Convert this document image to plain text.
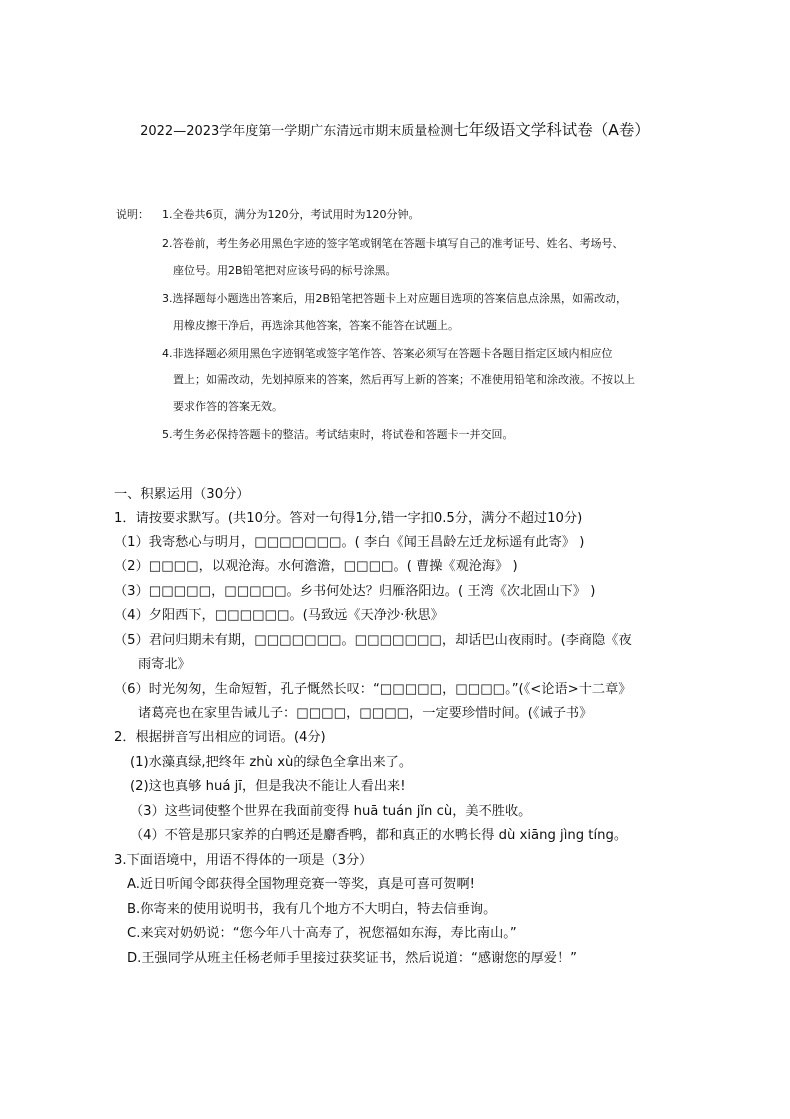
2022—2023学年度第一学期广东清远市期末质量检测七年级语文学科试卷（A卷）
说明： 1.全卷共6页，满分为120分，考试用时为120分钟。
2.答卷前，考生务必用黑色字迹的签字笔或钢笔在答题卡填写自己的准考证号、姓名、考场号、
座位号。用2B铅笔把对应该号码的标号涂黑。
3.选择题每小题选出答案后，用2B铅笔把答题卡上对应题目选项的答案信息点涂黑，如需改动，
用橡皮擦干净后，再选涂其他答案，答案不能答在试题上。
4.非选择题必须用黑色字迹钢笔或签字笔作答、答案必须写在答题卡各题目指定区域内相应位
置上；如需改动，先划掉原来的答案，然后再写上新的答案；不准使用铅笔和涂改液。不按以上
要求作答的答案无效。
5.考生务必保持答题卡的整洁。考试结束时，将试卷和答题卡一并交回。
一、积累运用（30分）
1．请按要求默写。(共10分。答对一句得1分,错一字扣0.5分，满分不超过10分)
（1）我寄愁心与明月，□□□□□□□。( 李白《闻王昌龄左迁龙标遥有此寄》 )
（2）□□□□，以观沧海。水何澹澹，□□□□。( 曹操《观沧海》 )
（3）□□□□□，□□□□□。乡书何处达？归雁洛阳边。( 王湾《次北固山下》 )
（4）夕阳西下，□□□□□□。(马致远《天净沙·秋思》
（5）君问归期未有期，□□□□□□□。□□□□□□□，却话巴山夜雨时。(李商隐《夜
雨寄北》
（6）时光匆匆，生命短暂，孔子慨然长叹：“□□□□□，□□□□。”(《<论语>十二章》
诸葛亮也在家里告诫儿子：□□□□，□□□□，一定要珍惜时间。(《诫子书》
2．根据拼音写出相应的词语。(4分)
(1)水藻真绿,把终年 zhù xù的绿色全拿出来了。
(2)这也真够 huá jī，但是我决不能让人看出来!
（3）这些词使整个世界在我面前变得 huā tuán jǐn cù，美不胜收。
（4）不管是那只家养的白鸭还是麝香鸭，都和真正的水鸭长得 dù xiāng jìng tíng。
3.下面语境中，用语不得体的一项是（3分）
A.近日听闻令郎获得全国物理竞赛一等奖，真是可喜可贺啊!
B.你寄来的使用说明书，我有几个地方不大明白，特去信垂询。
C.来宾对奶奶说：“您今年八十高寿了，祝您福如东海，寿比南山。”
D.王强同学从班主任杨老师手里接过获奖证书，然后说道：“感谢您的厚爱！”
